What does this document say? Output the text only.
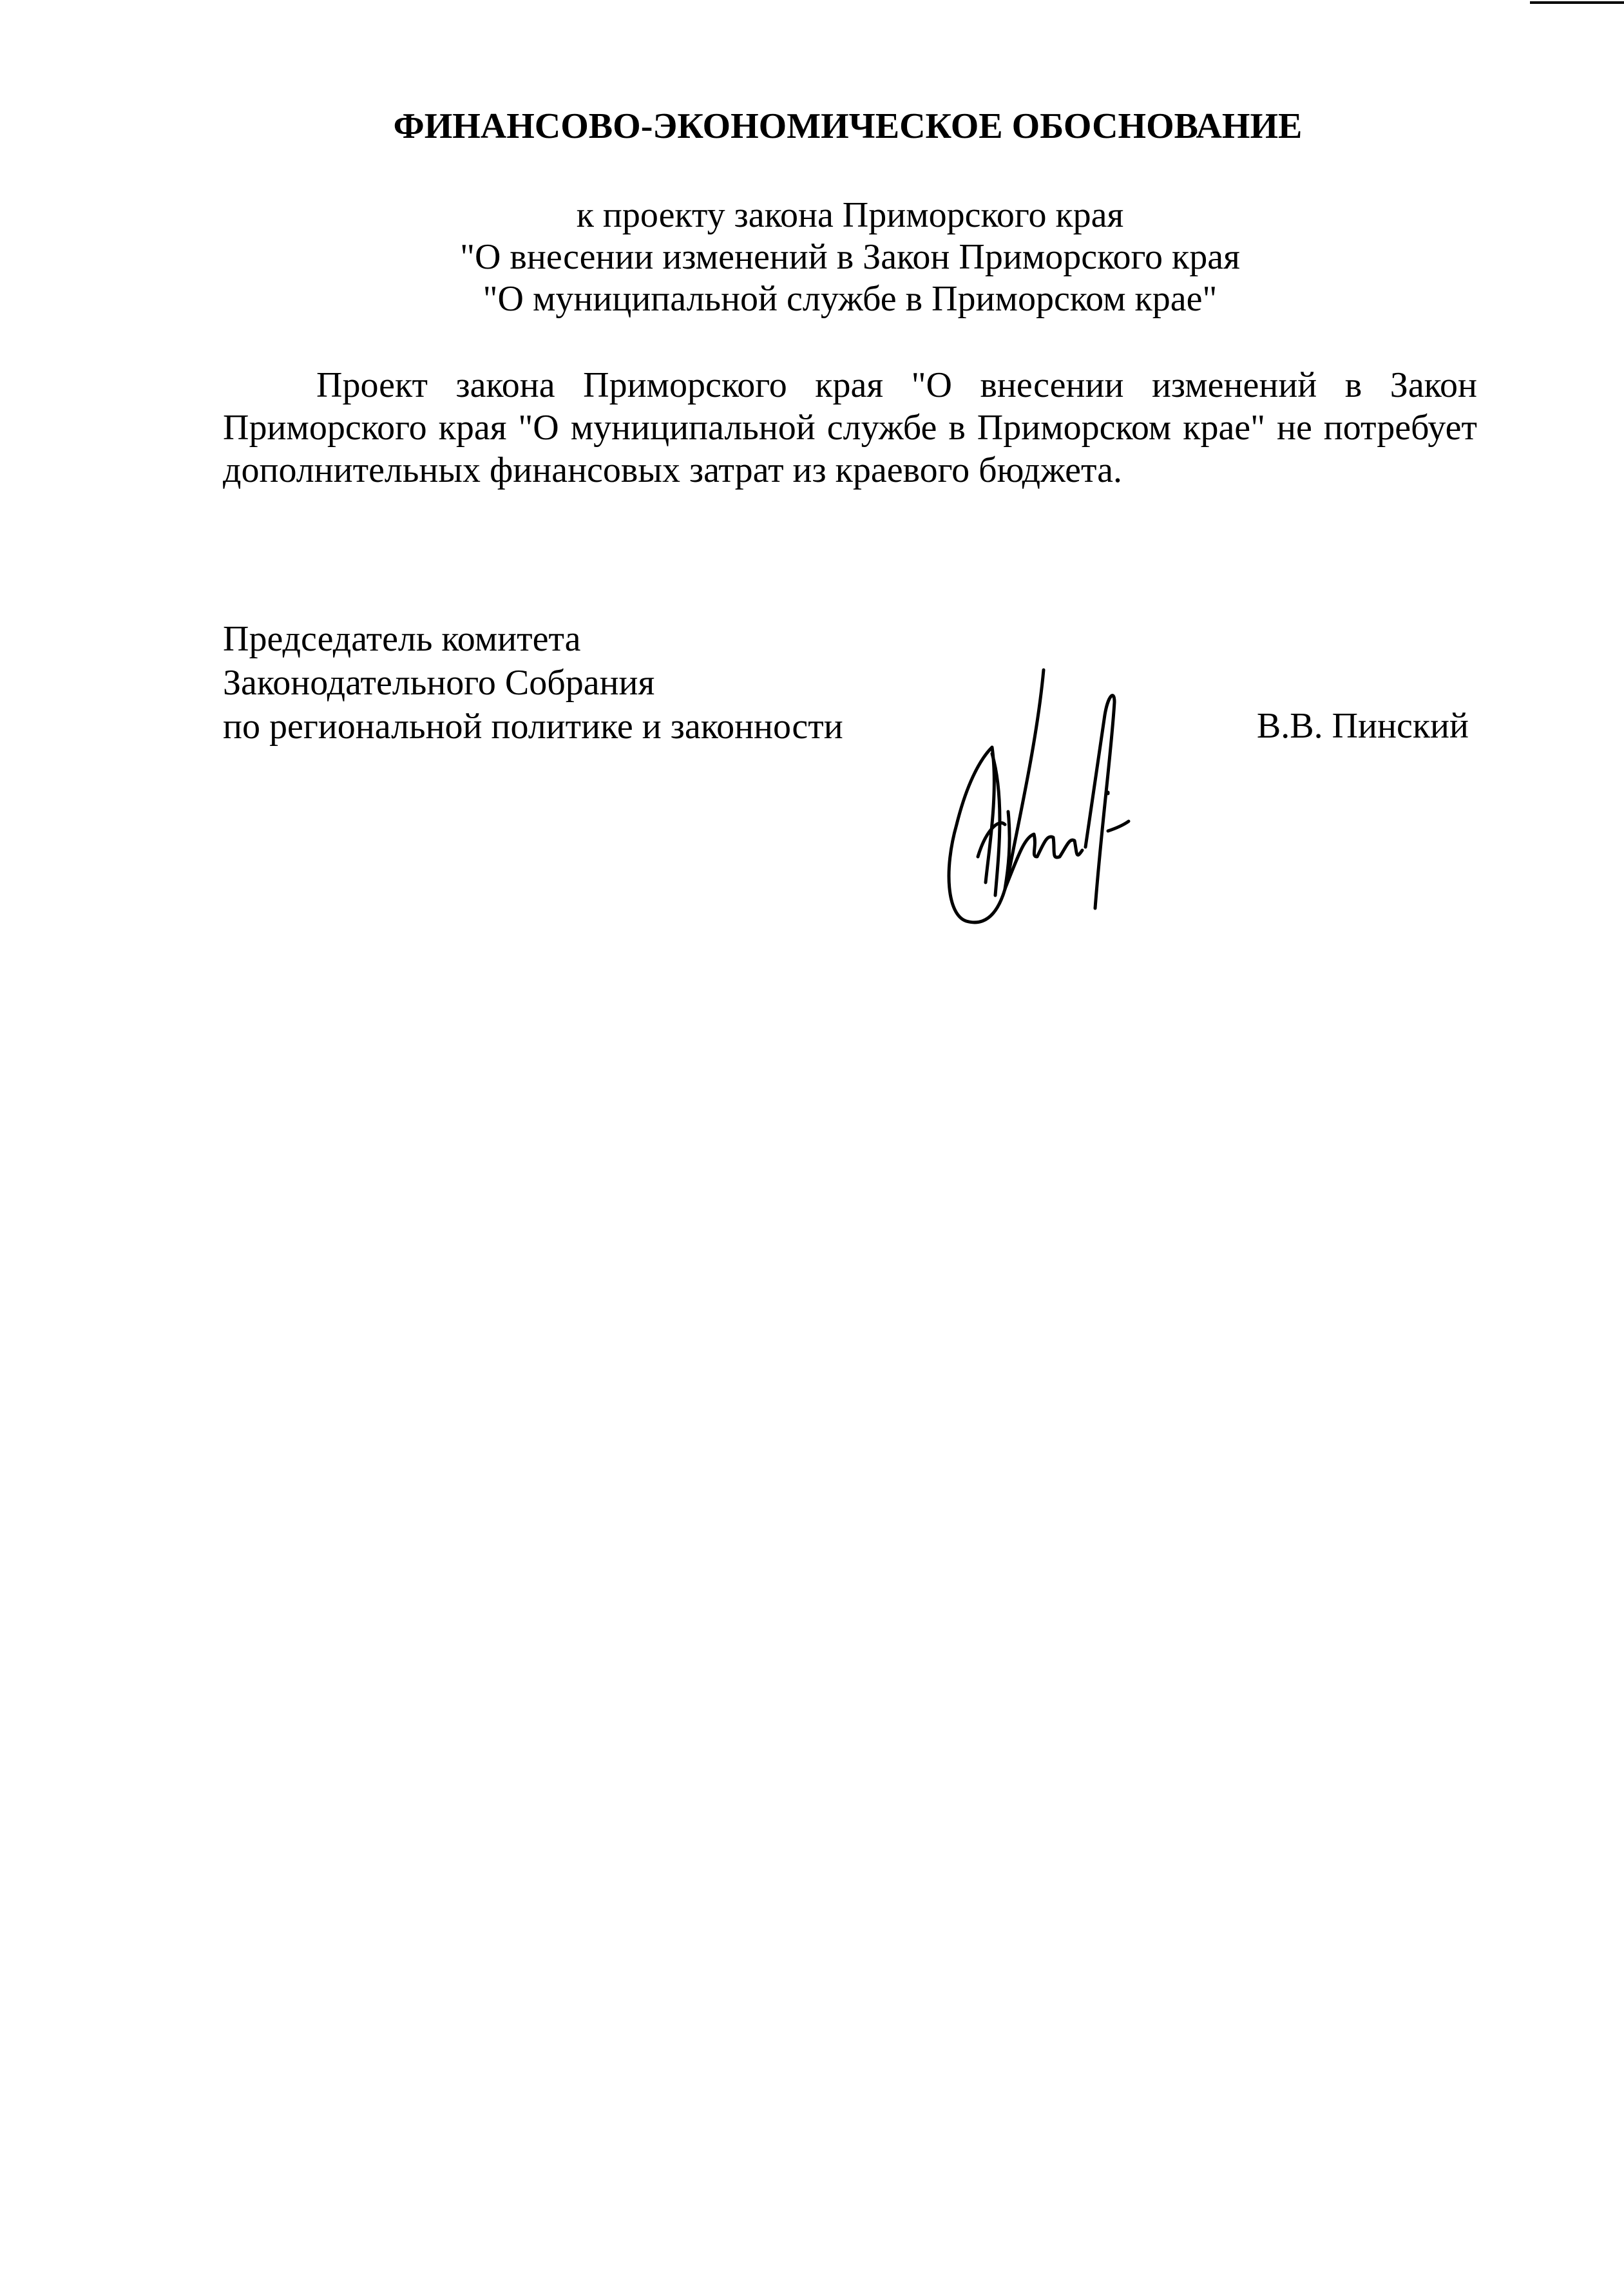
ФИНАНСОВО-ЭКОНОМИЧЕСКОЕ ОБОСНОВАНИЕ
к проекту закона Приморского края
"О внесении изменений в Закон Приморского края
"О муниципальной службе в Приморском крае"
Проект закона Приморского края "О внесении изменений в Закон Приморского края "О муниципальной службе в Приморском крае" не потребует дополнительных финансовых затрат из краевого бюджета.
Председатель комитета
Законодательного Собрания
по региональной политике и законности	В.В. Пинский
